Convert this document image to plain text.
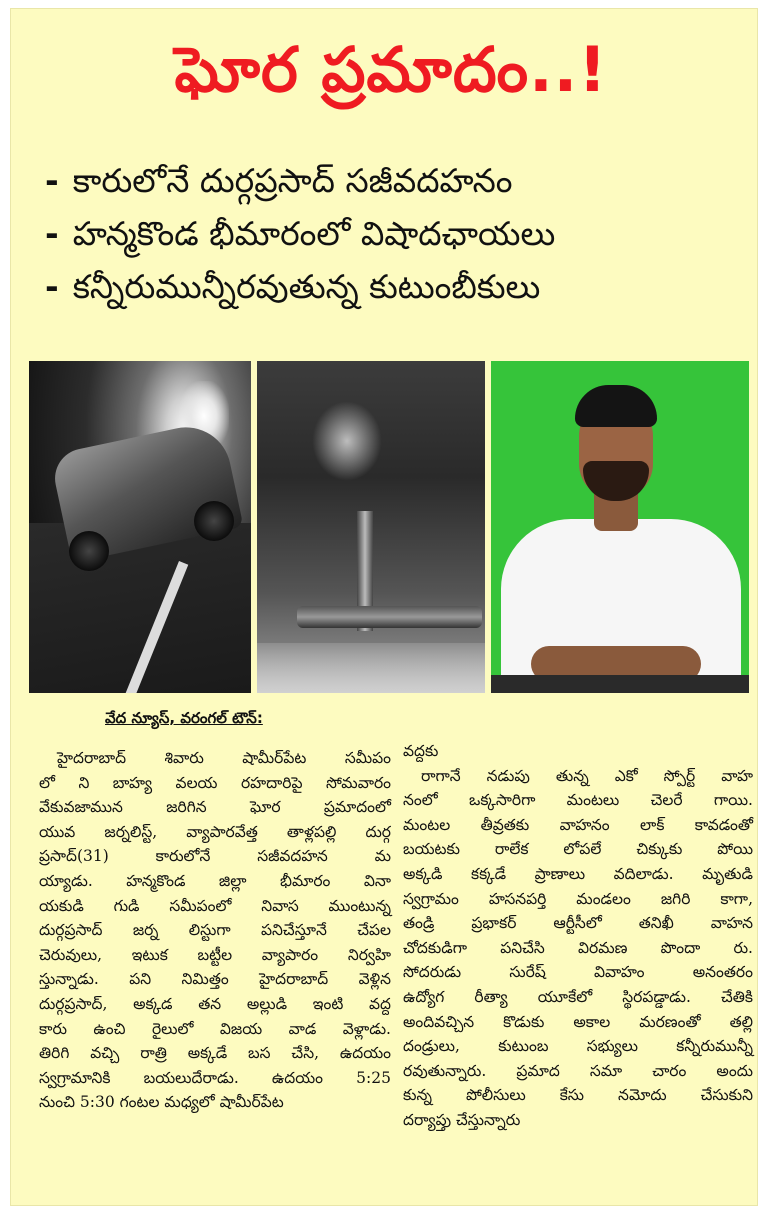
ఘోర ప్రమాదం..!
- కారులోనే దుర్గప్రసాద్ సజీవదహనం
- హన్మకొండ భీమారంలో విషాదఛాయలు
- కన్నీరుమున్నీరవుతున్న కుటుంబీకులు
వేద న్యూస్, వరంగల్ టౌన్:

హైదరాబాద్ శివారు షామీర్‌పేట సమీపం

లో ని బాహ్య వలయ రహదారిపై సోమవారం

వేకువజామున జరిగిన ఘోర ప్రమాదంలో

యువ జర్నలిస్ట్, వ్యాపారవేత్త తాళ్లపల్లి దుర్గ

ప్రసాద్(31) కారులోనే సజీవదహన మ

య్యాడు. హన్మకొండ జిల్లా భీమారం వినా

యకుడి గుడి సమీపంలో నివాస ముంటున్న

దుర్గప్రసాద్ జర్న లిస్టుగా పనిచేస్తూనే చేపల

చెరువులు, ఇటుక బట్టీల వ్యాపారం నిర్వహి

స్తున్నాడు. పని నిమిత్తం హైదరాబాద్ వెళ్లిన

దుర్గప్రసాద్, అక్కడ తన అల్లుడి ఇంటి వద్ద

కారు ఉంచి రైలులో విజయ వాడ వెళ్లాడు.

తిరిగి వచ్చి రాత్రి అక్కడే బస చేసి, ఉదయం

స్వగ్రామానికి బయలుదేరాడు. ఉదయం 5:25

నుంచి 5:30 గంటల మధ్యలో షామీర్‌పేట

వద్దకు

రాగానే నడుపు తున్న ఎకో స్పోర్ట్ వాహ

నంలో ఒక్కసారిగా మంటలు చెలరే గాయి.

మంటల తీవ్రతకు వాహనం లాక్ కావడంతో

బయటకు రాలేక లోపలే చిక్కుకు పోయి

అక్కడి కక్కడే ప్రాణాలు వదిలాడు. మృతుడి

స్వగ్రామం హసనపర్తి మండలం జగిరి కాగా,

తండ్రి ప్రభాకర్ ఆర్టీసీలో తనిఖీ వాహన

చోదకుడిగా పనిచేసి విరమణ పొందా రు.

సోదరుడు సురేష్ వివాహం అనంతరం

ఉద్యోగ రీత్యా యూకేలో స్థిరపడ్డాడు. చేతికి

అందివచ్చిన కొడుకు అకాల మరణంతో తల్లి

దండ్రులు, కుటుంబ సభ్యులు కన్నీరుమున్నీ

రవుతున్నారు. ప్రమాద సమా చారం అందు

కున్న పోలీసులు కేసు నమోదు చేసుకుని

దర్యాప్తు చేస్తున్నారు
